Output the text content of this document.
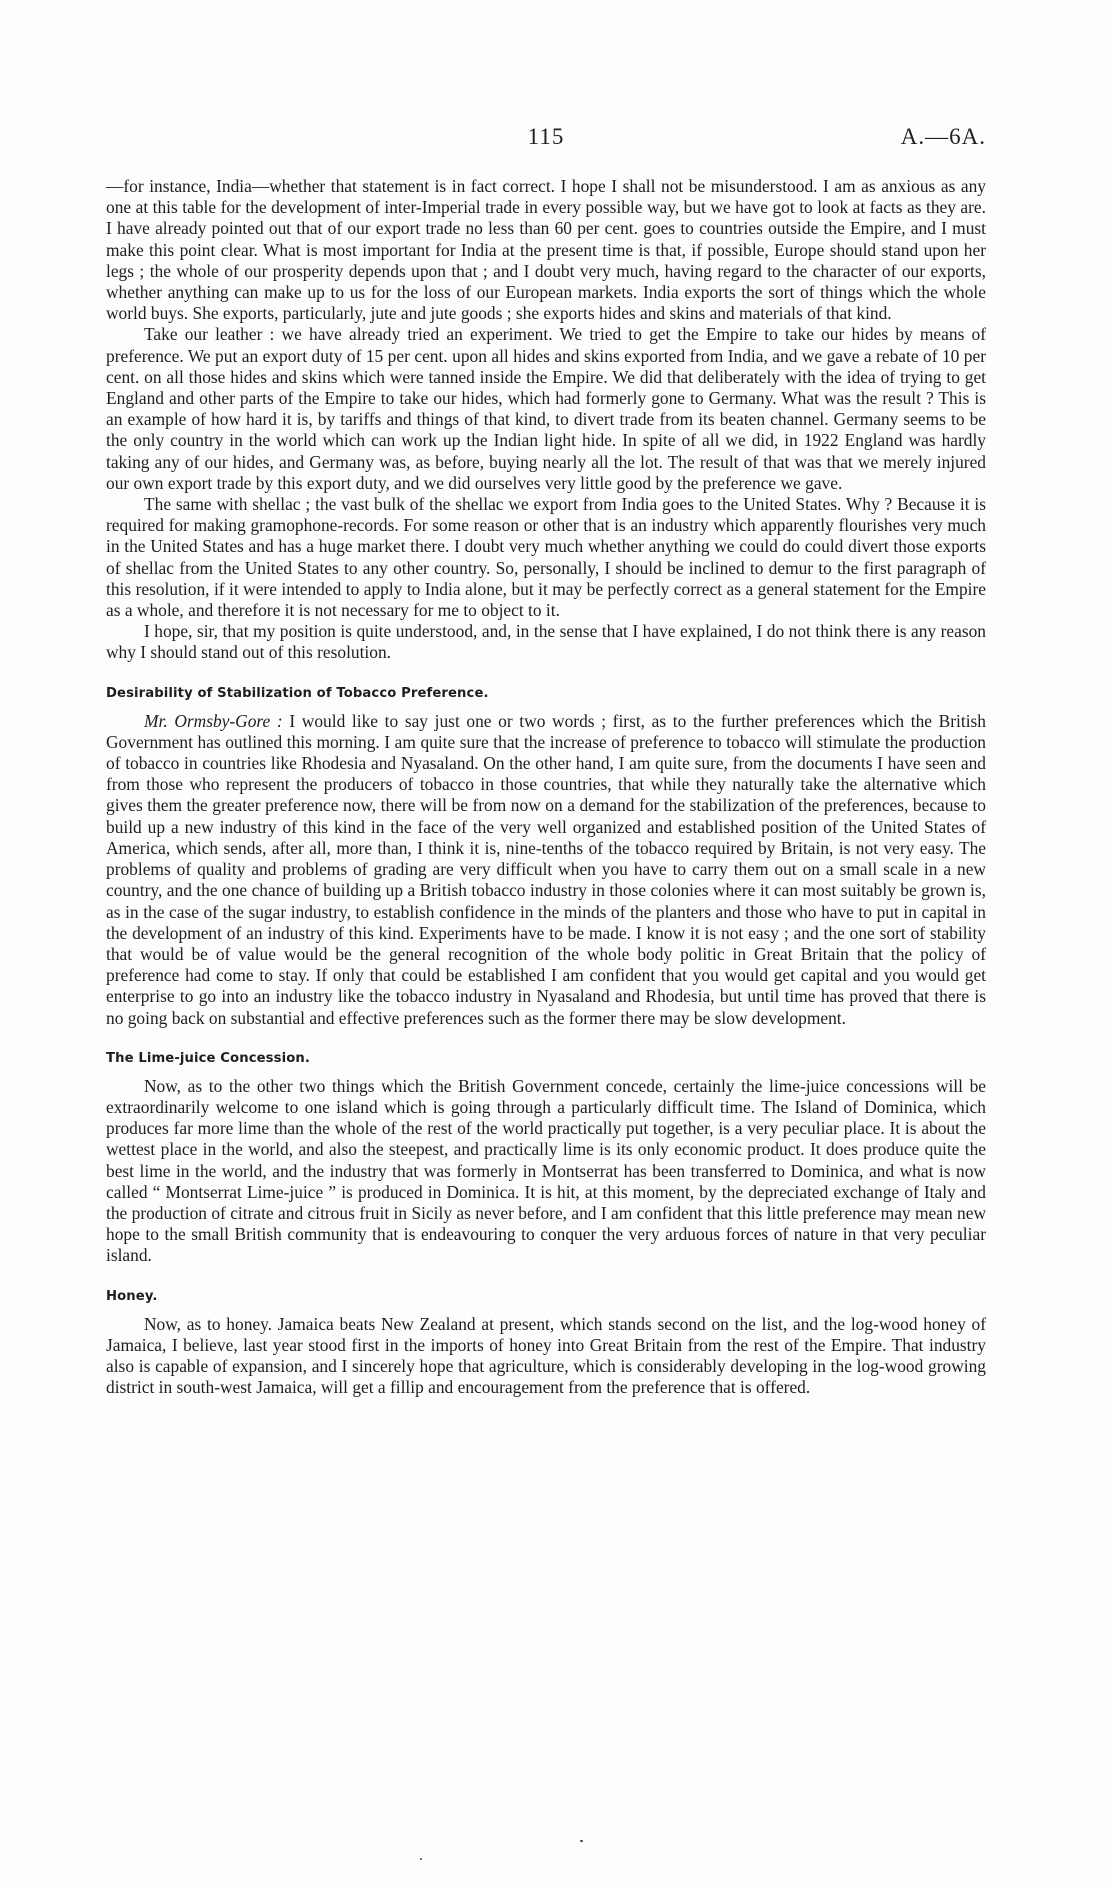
115	A.—6A.

—for instance, India—whether that statement is in fact correct. I hope I shall not be misunderstood. I am as anxious as any one at this table for the development of inter-Imperial trade in every possible way, but we have got to look at facts as they are. I have already pointed out that of our export trade no less than 60 per cent. goes to countries outside the Empire, and I must make this point clear. What is most important for India at the present time is that, if possible, Europe should stand upon her legs ; the whole of our prosperity depends upon that ; and I doubt very much, having regard to the character of our exports, whether anything can make up to us for the loss of our European markets. India exports the sort of things which the whole world buys. She exports, particularly, jute and jute goods ; she exports hides and skins and materials of that kind.

Take our leather : we have already tried an experiment. We tried to get the Empire to take our hides by means of preference. We put an export duty of 15 per cent. upon all hides and skins exported from India, and we gave a rebate of 10 per cent. on all those hides and skins which were tanned inside the Empire. We did that deliberately with the idea of trying to get England and other parts of the Empire to take our hides, which had formerly gone to Germany. What was the result ? This is an example of how hard it is, by tariffs and things of that kind, to divert trade from its beaten channel. Germany seems to be the only country in the world which can work up the Indian light hide. In spite of all we did, in 1922 England was hardly taking any of our hides, and Germany was, as before, buying nearly all the lot. The result of that was that we merely injured our own export trade by this export duty, and we did ourselves very little good by the preference we gave.

The same with shellac ; the vast bulk of the shellac we export from India goes to the United States. Why ? Because it is required for making gramophone-records. For some reason or other that is an industry which apparently flourishes very much in the United States and has a huge market there. I doubt very much whether anything we could do could divert those exports of shellac from the United States to any other country. So, personally, I should be inclined to demur to the first paragraph of this resolution, if it were intended to apply to India alone, but it may be perfectly correct as a general statement for the Empire as a whole, and therefore it is not necessary for me to object to it.

I hope, sir, that my position is quite understood, and, in the sense that I have explained, I do not think there is any reason why I should stand out of this resolution.

Desirability of Stabilization of Tobacco Preference.

Mr. Ormsby-Gore : I would like to say just one or two words ; first, as to the further preferences which the British Government has outlined this morning. I am quite sure that the increase of preference to tobacco will stimulate the production of tobacco in countries like Rhodesia and Nyasaland. On the other hand, I am quite sure, from the documents I have seen and from those who represent the producers of tobacco in those countries, that while they naturally take the alternative which gives them the greater preference now, there will be from now on a demand for the stabilization of the preferences, because to build up a new industry of this kind in the face of the very well organized and established position of the United States of America, which sends, after all, more than, I think it is, nine-tenths of the tobacco required by Britain, is not very easy. The problems of quality and problems of grading are very difficult when you have to carry them out on a small scale in a new country, and the one chance of building up a British tobacco industry in those colonies where it can most suitably be grown is, as in the case of the sugar industry, to establish confidence in the minds of the planters and those who have to put in capital in the development of an industry of this kind. Experiments have to be made. I know it is not easy ; and the one sort of stability that would be of value would be the general recognition of the whole body politic in Great Britain that the policy of preference had come to stay. If only that could be established I am confident that you would get capital and you would get enterprise to go into an industry like the tobacco industry in Nyasaland and Rhodesia, but until time has proved that there is no going back on substantial and effective preferences such as the former there may be slow development.

The Lime-juice Concession.

Now, as to the other two things which the British Government concede, certainly the lime-juice concessions will be extraordinarily welcome to one island which is going through a particularly difficult time. The Island of Dominica, which produces far more lime than the whole of the rest of the world practically put together, is a very peculiar place. It is about the wettest place in the world, and also the steepest, and practically lime is its only economic product. It does produce quite the best lime in the world, and the industry that was formerly in Montserrat has been transferred to Dominica, and what is now called “ Montserrat Lime-juice ” is produced in Dominica. It is hit, at this moment, by the depreciated exchange of Italy and the production of citrate and citrous fruit in Sicily as never before, and I am confident that this little preference may mean new hope to the small British community that is endeavouring to conquer the very arduous forces of nature in that very peculiar island.

Honey.

Now, as to honey. Jamaica beats New Zealand at present, which stands second on the list, and the log-wood honey of Jamaica, I believe, last year stood first in the imports of honey into Great Britain from the rest of the Empire. That industry also is capable of expansion, and I sincerely hope that agriculture, which is considerably developing in the log-wood growing district in south-west Jamaica, will get a fillip and encouragement from the preference that is offered.
